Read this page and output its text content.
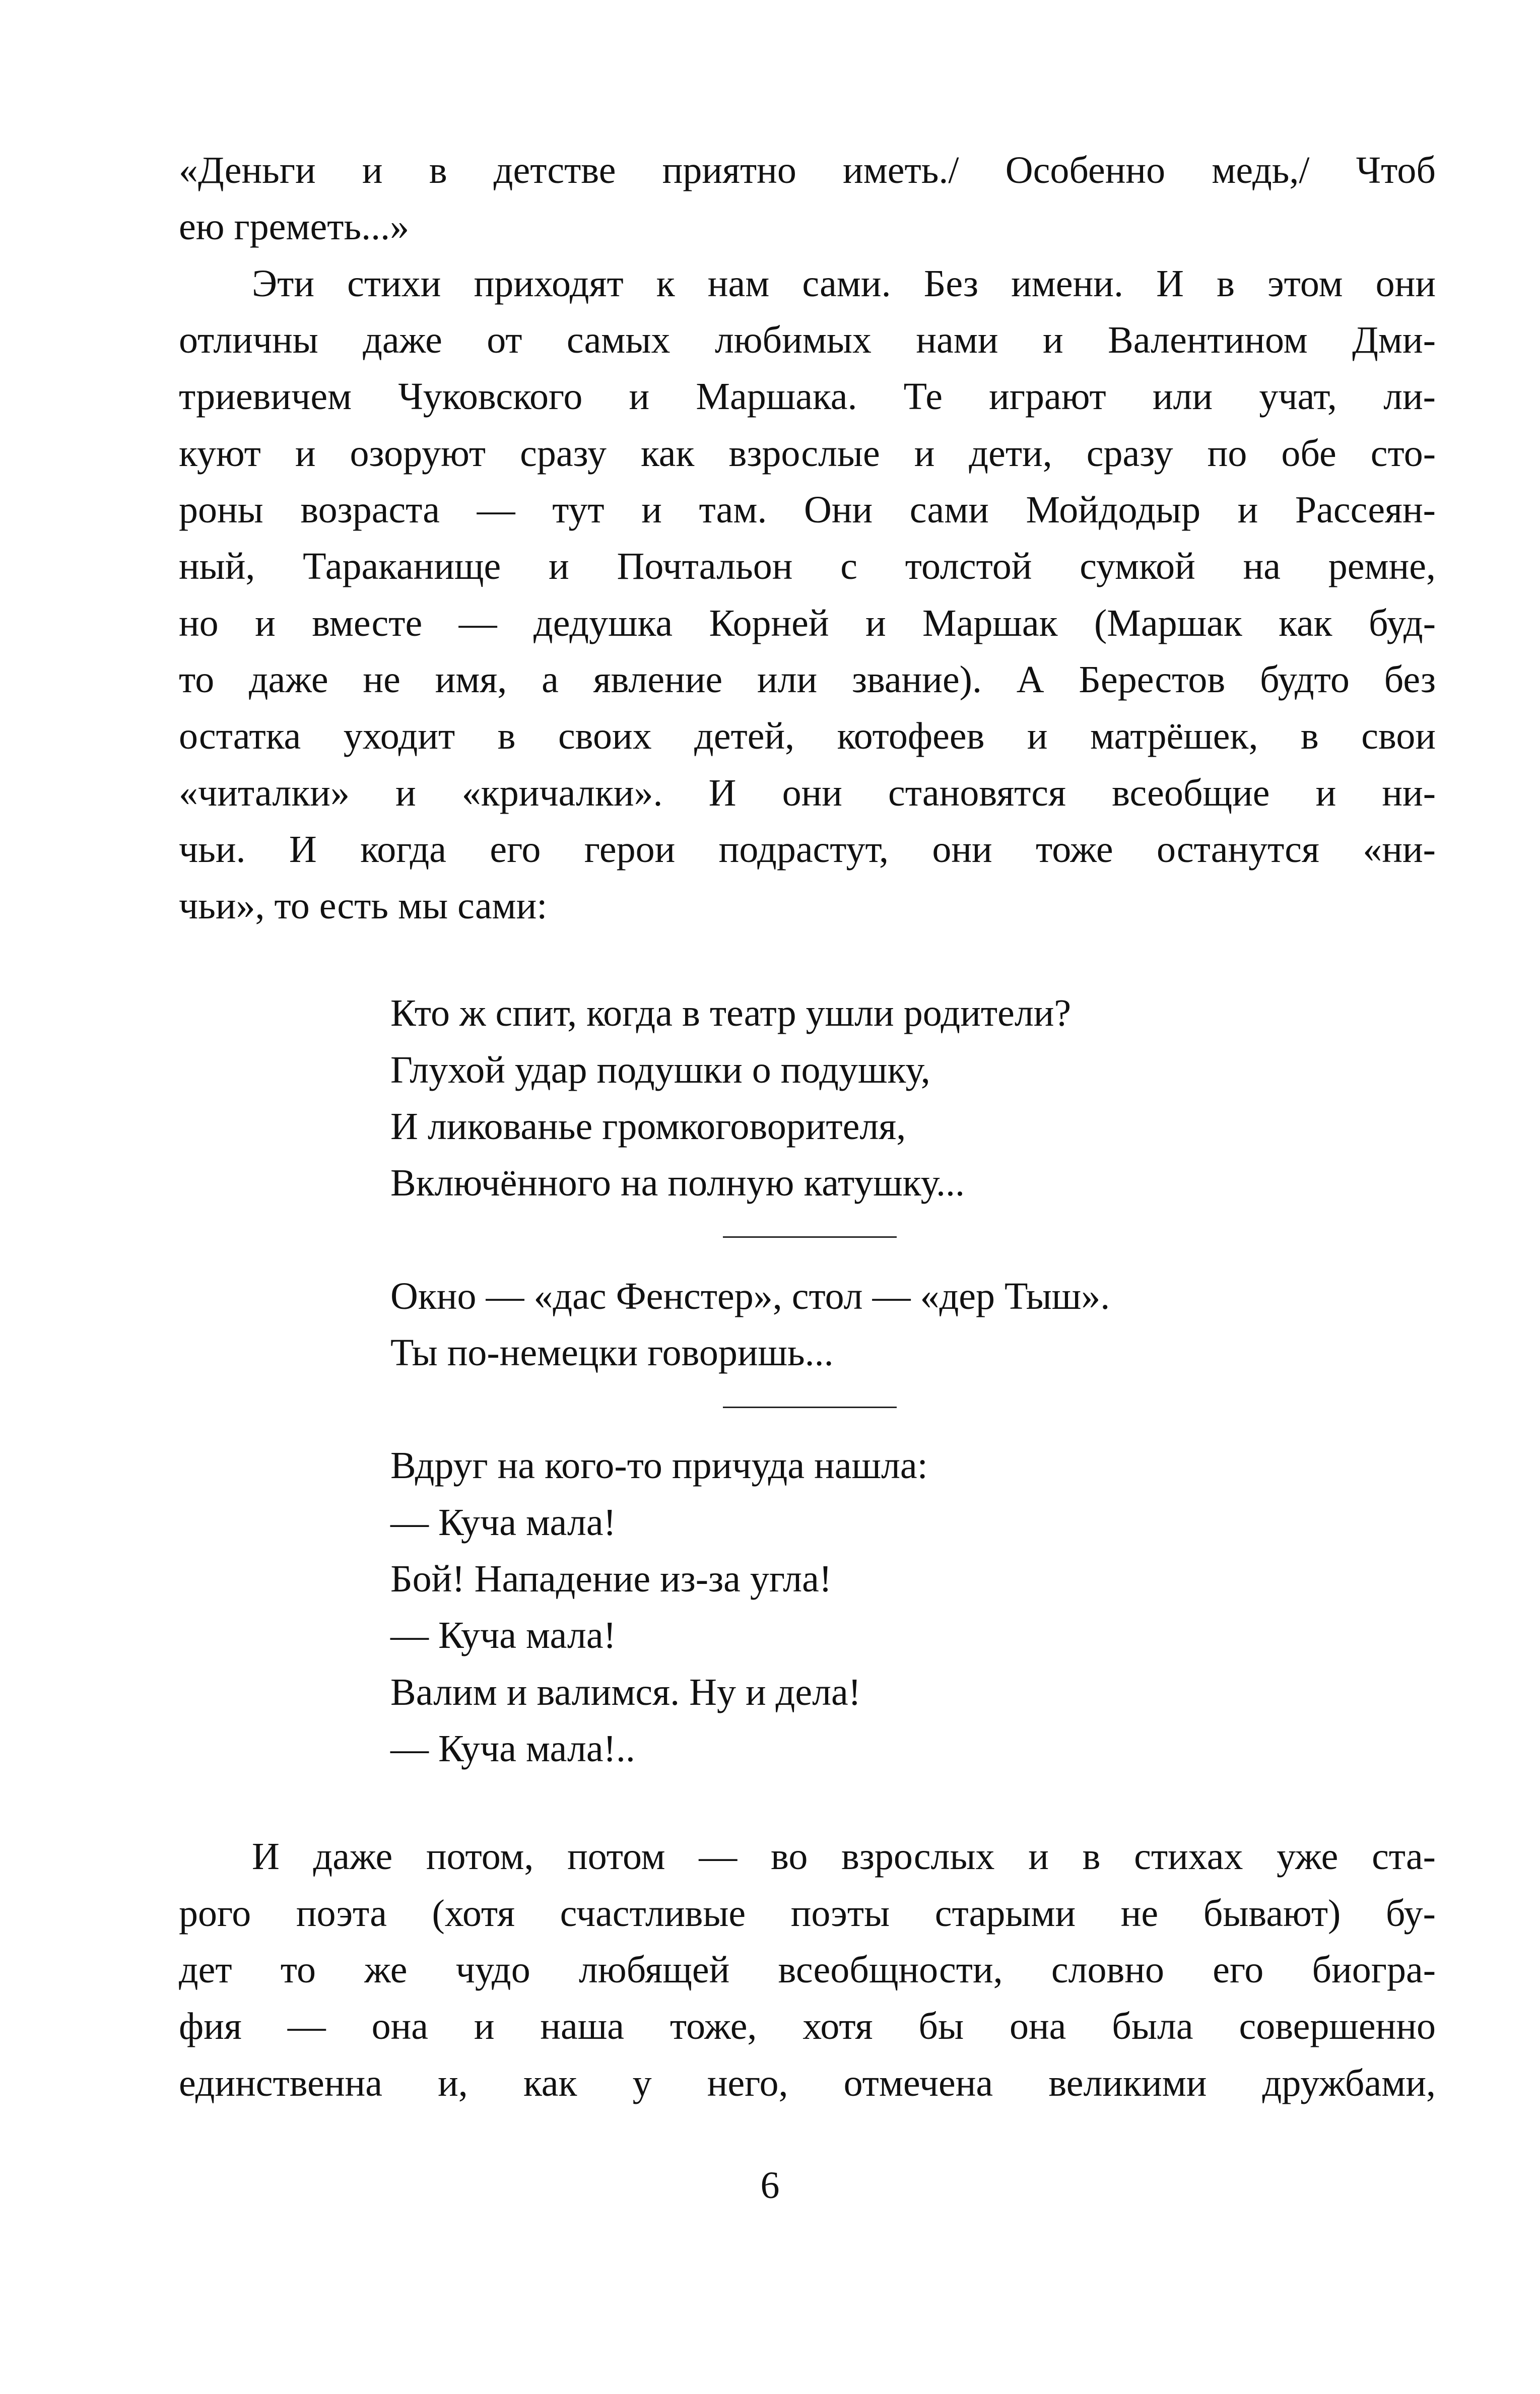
«Деньги и в детстве приятно иметь./ Особенно медь,/ Чтоб
ею греметь...»
Эти стихи приходят к нам сами. Без имени. И в этом они
отличны даже от самых любимых нами и Валентином Дми-
триевичем Чуковского и Маршака. Те играют или учат, ли-
куют и озоруют сразу как взрослые и дети, сразу по обе сто-
роны возраста — тут и там. Они сами Мойдодыр и Рассеян-
ный, Тараканище и Почтальон с толстой сумкой на ремне,
но и вместе — дедушка Корней и Маршак (Маршак как буд-
то даже не имя, а явление или звание). А Берестов будто без
остатка уходит в своих детей, котофеев и матрёшек, в свои
«читалки» и «кричалки». И они становятся всеобщие и ни-
чьи. И когда его герои подрастут, они тоже останутся «ни-
чьи», то есть мы сами:
Кто ж спит, когда в театр ушли родители?
Глухой удар подушки о подушку,
И ликованье громкоговорителя,
Включённого на полную катушку...
Окно — «дас Фенстер», стол — «дер Тыш».
Ты по-немецки говоришь...
Вдруг на кого-то причуда нашла:
— Куча мала!
Бой! Нападение из-за угла!
— Куча мала!
Валим и валимся. Ну и дела!
— Куча мала!..
И даже потом, потом — во взрослых и в стихах уже ста-
рого поэта (хотя счастливые поэты старыми не бывают) бу-
дет то же чудо любящей всеобщности, словно его биогра-
фия — она и наша тоже, хотя бы она была совершенно
единственна и, как у него, отмечена великими дружбами,
6
